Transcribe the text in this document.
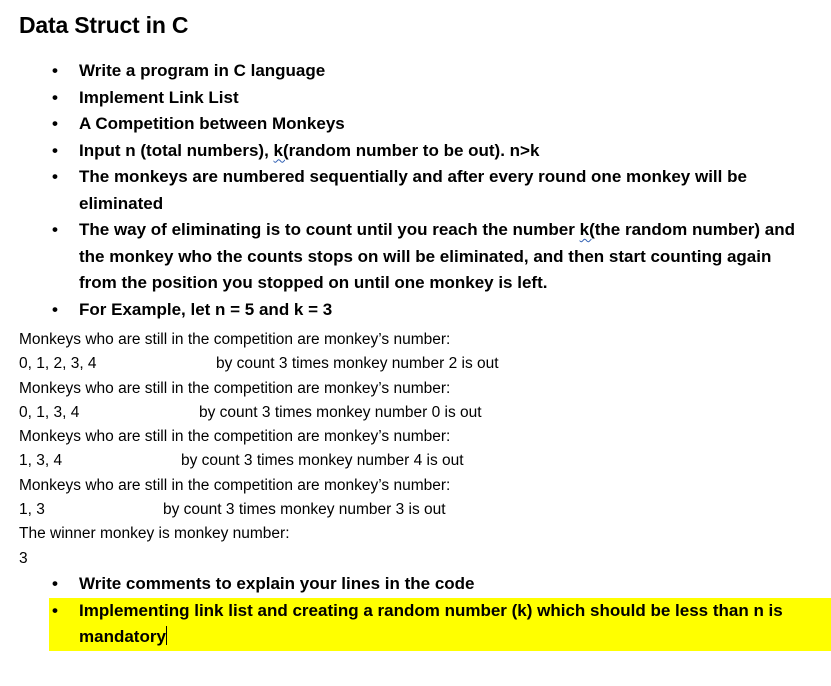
Data Struct in C
• Write a program in C language
• Implement Link List
• A Competition between Monkeys
• Input n (total numbers), k(random number to be out). n>k
• The monkeys are numbered sequentially and after every round one monkey will be eliminated
• The way of eliminating is to count until you reach the number k(the random number) and the monkey who the counts stops on will be eliminated, and then start counting again from the position you stopped on until one monkey is left.
• For Example, let n = 5 and k = 3
Monkeys who are still in the competition are monkey’s number:
0, 1, 2, 3, 4	by count 3 times monkey number 2 is out
Monkeys who are still in the competition are monkey’s number:
0, 1, 3, 4	by count 3 times monkey number 0 is out
Monkeys who are still in the competition are monkey’s number:
1, 3, 4	by count 3 times monkey number 4 is out
Monkeys who are still in the competition are monkey’s number:
1, 3	by count 3 times monkey number 3 is out
The winner monkey is monkey number:
3
• Write comments to explain your lines in the code
• Implementing link list and creating a random number (k) which should be less than n is mandatory
